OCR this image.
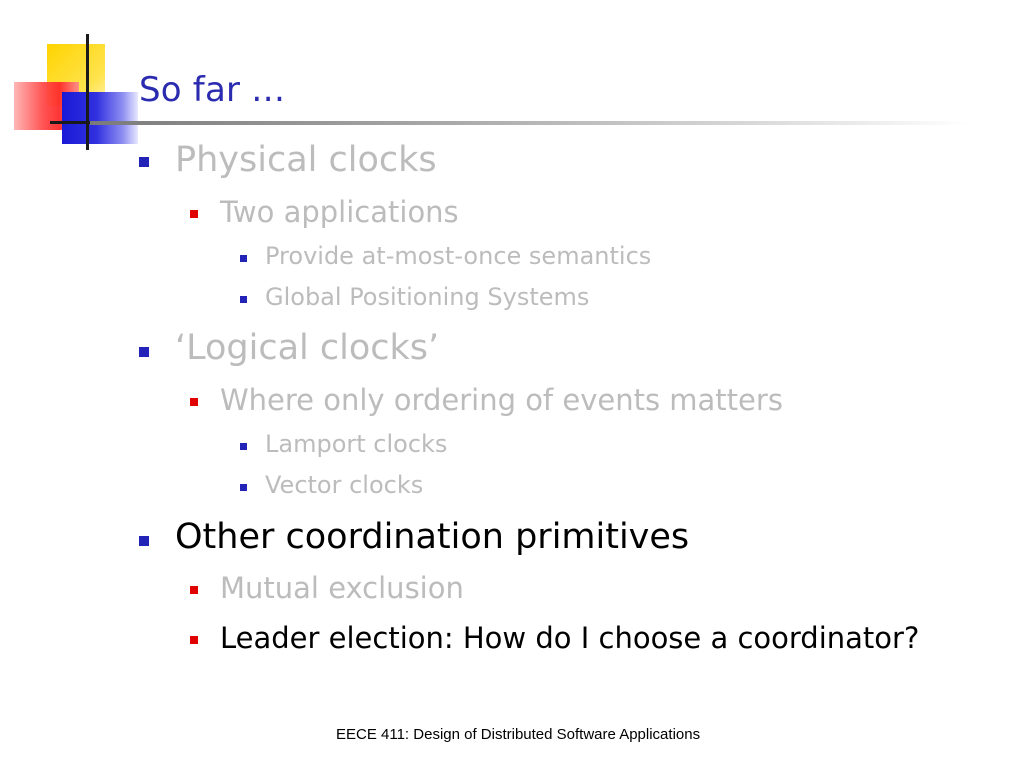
So far …
Physical clocks
Two applications
Provide at-most-once semantics
Global Positioning Systems
‘Logical clocks’
Where only ordering of events matters
Lamport clocks
Vector clocks
Other coordination primitives
Mutual exclusion
Leader election: How do I choose a coordinator?
EECE 411: Design of Distributed Software Applications
